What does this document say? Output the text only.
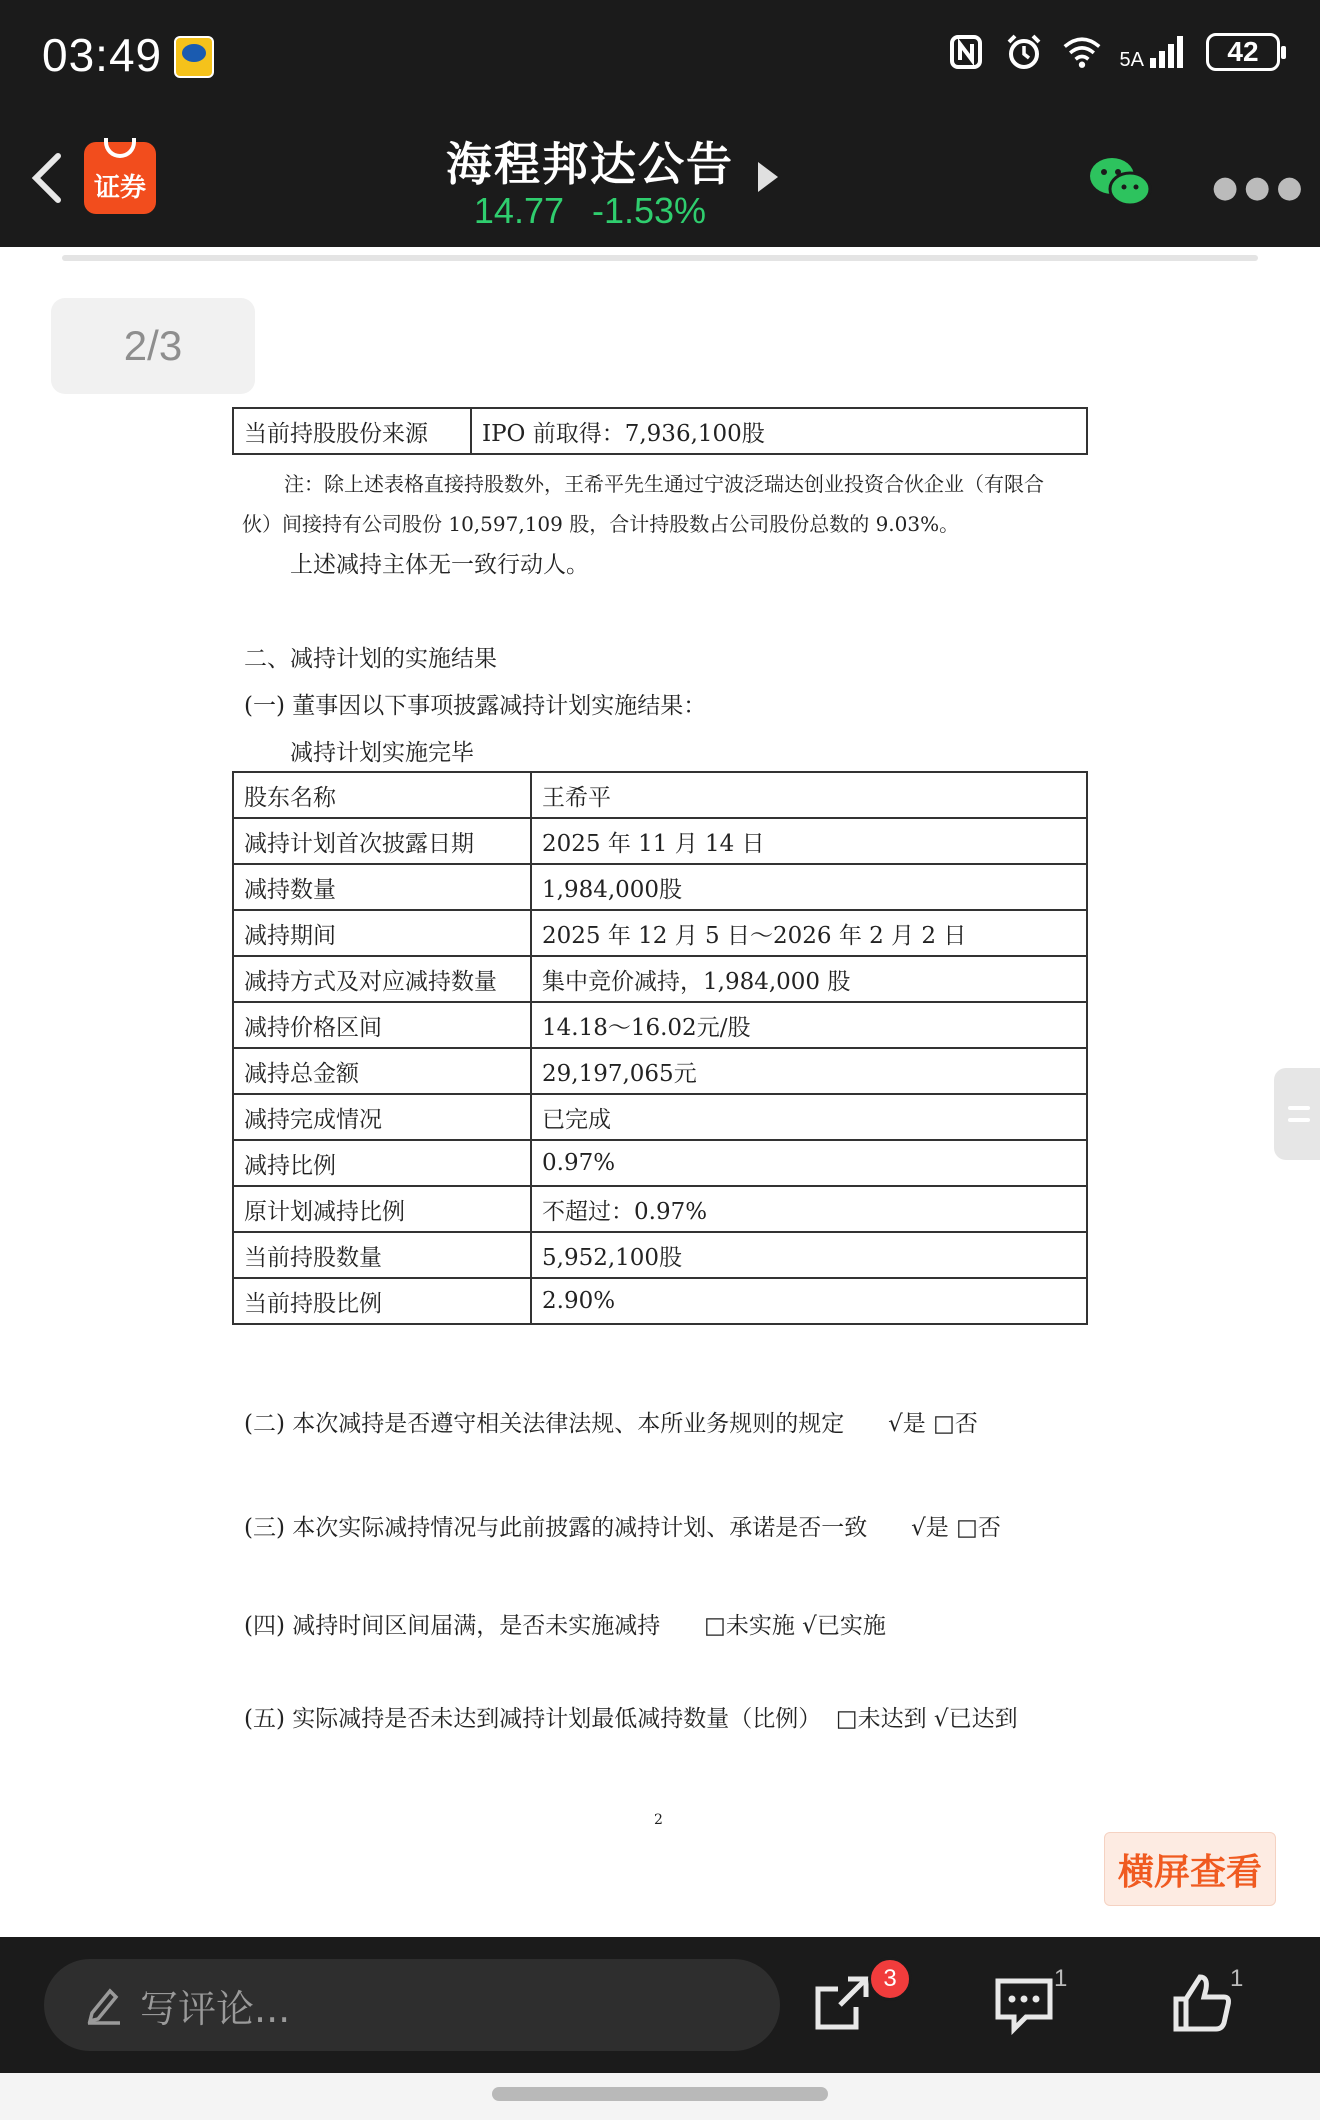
03:49	5A	42
证券	海程邦达公告
14.77 -1.53%
●●●
2/3
当前持股股份来源	IPO 前取得：7,936,100股
注：除上述表格直接持股数外，王希平先生通过宁波泛瑞达创业投资合伙企业（有限合
伙）间接持有公司股份 10,597,109 股，合计持股数占公司股份总数的 9.03%。
上述减持主体无一致行动人。
二、减持计划的实施结果
(一) 董事因以下事项披露减持计划实施结果：
减持计划实施完毕
股东名称	王希平
减持计划首次披露日期	2025 年 11 月 14 日
减持数量	1,984,000股
减持期间	2025 年 12 月 5 日～2026 年 2 月 2 日
减持方式及对应减持数量	集中竞价减持，1,984,000 股
减持价格区间	14.18～16.02元/股
减持总金额	29,197,065元
减持完成情况	已完成
减持比例	0.97%
原计划减持比例	不超过：0.97%
当前持股数量	5,952,100股
当前持股比例	2.90%
(二) 本次减持是否遵守相关法律法规、本所业务规则的规定      √是 □否
(三) 本次实际减持情况与此前披露的减持计划、承诺是否一致      √是 □否
(四) 减持时间区间届满，是否未实施减持      □未实施 √已实施
(五) 实际减持是否未达到减持计划最低减持数量（比例）  □未达到 √已达到
2
横屏查看
写评论...
3	1	1
